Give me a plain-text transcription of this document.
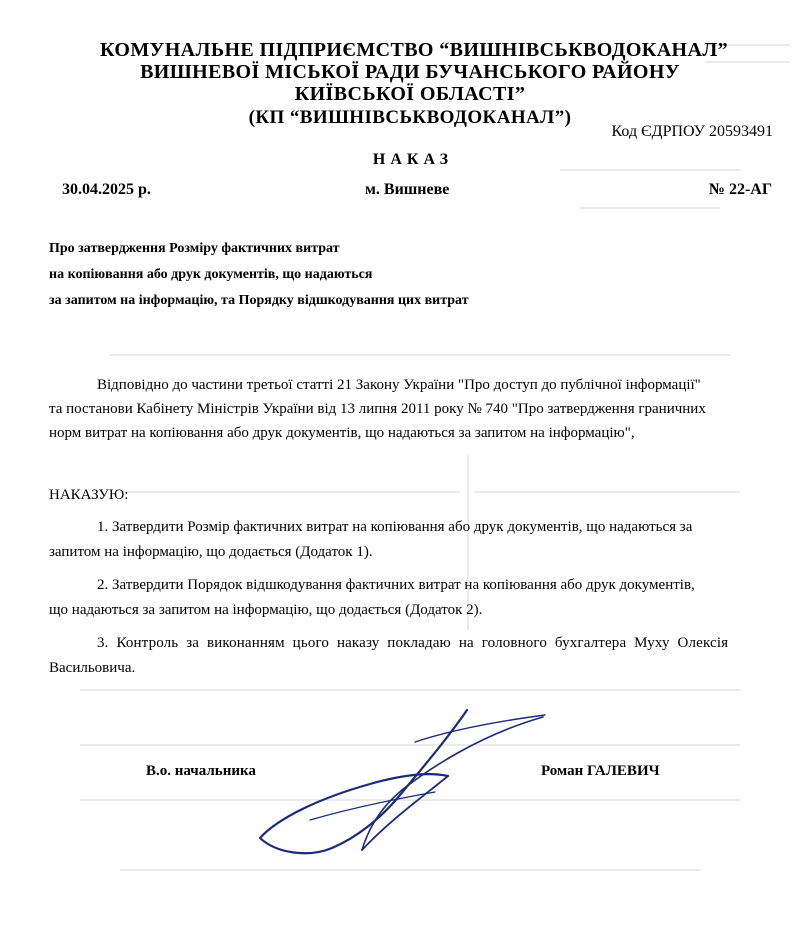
КОМУНАЛЬНЕ ПІДПРИЄМСТВО “ВИШНІВСЬКВОДОКАНАЛ”
ВИШНЕВОЇ МІСЬКОЇ РАДИ БУЧАНСЬКОГО РАЙОНУ
КИЇВСЬКОЇ ОБЛАСТІ”
(КП “ВИШНІВСЬКВОДОКАНАЛ”)
Код ЄДРПОУ 20593491
НАКАЗ
30.04.2025 р.	м. Вишневе	№ 22-АГ
Про затвердження Розміру фактичних витрат
на копіювання або друк документів, що надаються
за запитом на інформацію, та Порядку відшкодування цих витрат
Відповідно до частини третьої статті 21 Закону України "Про доступ до публічної інформації"
та постанови Кабінету Міністрів України від 13 липня 2011 року № 740 "Про затвердження граничних
норм витрат на копіювання або друк документів, що надаються за запитом на інформацію",
НАКАЗУЮ:
1. Затвердити Розмір фактичних витрат на копіювання або друк документів, що надаються за
запитом на інформацію, що додається (Додаток 1).
2. Затвердити Порядок відшкодування фактичних витрат на копіювання або друк документів,
що надаються за запитом на інформацію, що додається (Додаток 2).
3. Контроль за виконанням цього наказу покладаю на головного бухгалтера Муху Олексія
Васильовича.
В.о. начальника	Роман ГАЛЕВИЧ
